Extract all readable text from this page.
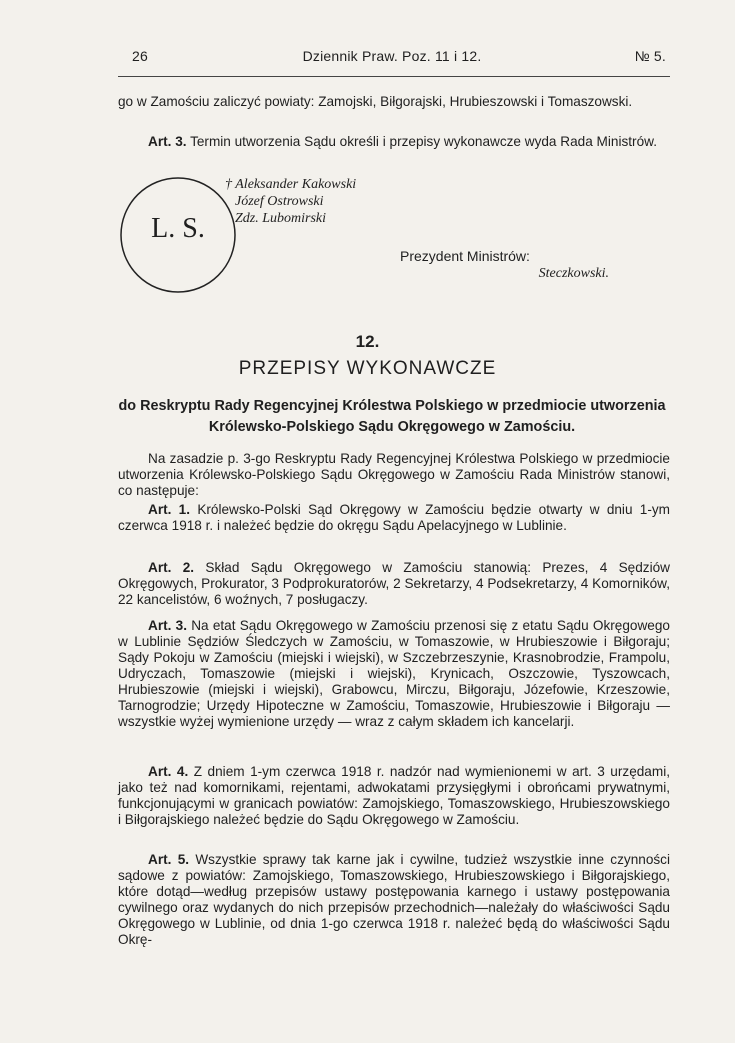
26	Dziennik Praw. Poz. 11 i 12.	№ 5.

go w Zamościu zaliczyć powiaty: Zamojski, Biłgorajski, Hrubieszowski i Tomaszowski.

Art. 3. Termin utworzenia Sądu określi i przepisy wykonawcze wyda Rada Ministrów.

L. S.
† Aleksander Kakowski
Józef Ostrowski
Zdz. Lubomirski
Prezydent Ministrów:
Steczkowski.
12.
PRZEPISY WYKONAWCZE
do Reskryptu Rady Regencyjnej Królestwa Polskiego w przedmiocie utworzenia Królewsko-Polskiego Sądu Okręgowego w Zamościu.

Na zasadzie p. 3-go Reskryptu Rady Regencyjnej Królestwa Polskiego w przedmiocie utworzenia Królewsko-Polskiego Sądu Okręgowego w Zamościu Rada Ministrów stanowi, co następuje:

Art. 1. Królewsko-Polski Sąd Okręgowy w Zamościu będzie otwarty w dniu 1-ym czerwca 1918 r. i należeć będzie do okręgu Sądu Apelacyjnego w Lublinie.

Art. 2. Skład Sądu Okręgowego w Zamościu stanowią: Prezes, 4 Sędziów Okręgowych, Prokurator, 3 Podprokuratorów, 2 Sekretarzy, 4 Podsekretarzy, 4 Komorników, 22 kancelistów, 6 woźnych, 7 posługaczy.

Art. 3. Na etat Sądu Okręgowego w Zamościu przenosi się z etatu Sądu Okręgowego w Lublinie Sędziów Śledczych w Zamościu, w Tomaszowie, w Hrubieszowie i Biłgoraju; Sądy Pokoju w Zamościu (miejski i wiejski), w Szczebrzeszynie, Krasnobrodzie, Frampolu, Udryczach, Tomaszowie (miejski i wiejski), Krynicach, Oszczowie, Tyszowcach, Hrubieszowie (miejski i wiejski), Grabowcu, Mirczu, Biłgoraju, Józefowie, Krzeszowie, Tarnogrodzie; Urzędy Hipoteczne w Zamościu, Tomaszowie, Hrubieszowie i Biłgoraju — wszystkie wyżej wymienione urzędy — wraz z całym składem ich kancelarji.

Art. 4. Z dniem 1-ym czerwca 1918 r. nadzór nad wymienionemi w art. 3 urzędami, jako też nad komornikami, rejentami, adwokatami przysięgłymi i obrońcami prywatnymi, funkcjonującymi w granicach powiatów: Zamojskiego, Tomaszowskiego, Hrubieszowskiego i Biłgorajskiego należeć będzie do Sądu Okręgowego w Zamościu.

Art. 5. Wszystkie sprawy tak karne jak i cywilne, tudzież wszystkie inne czynności sądowe z powiatów: Zamojskiego, Tomaszowskiego, Hrubieszowskiego i Biłgorajskiego, które dotąd—według przepisów ustawy postępowania karnego i ustawy postępowania cywilnego oraz wydanych do nich przepisów przechodnich—należały do właściwości Sądu Okręgowego w Lublinie, od dnia 1-go czerwca 1918 r. należeć będą do właściwości Sądu Okrę-
